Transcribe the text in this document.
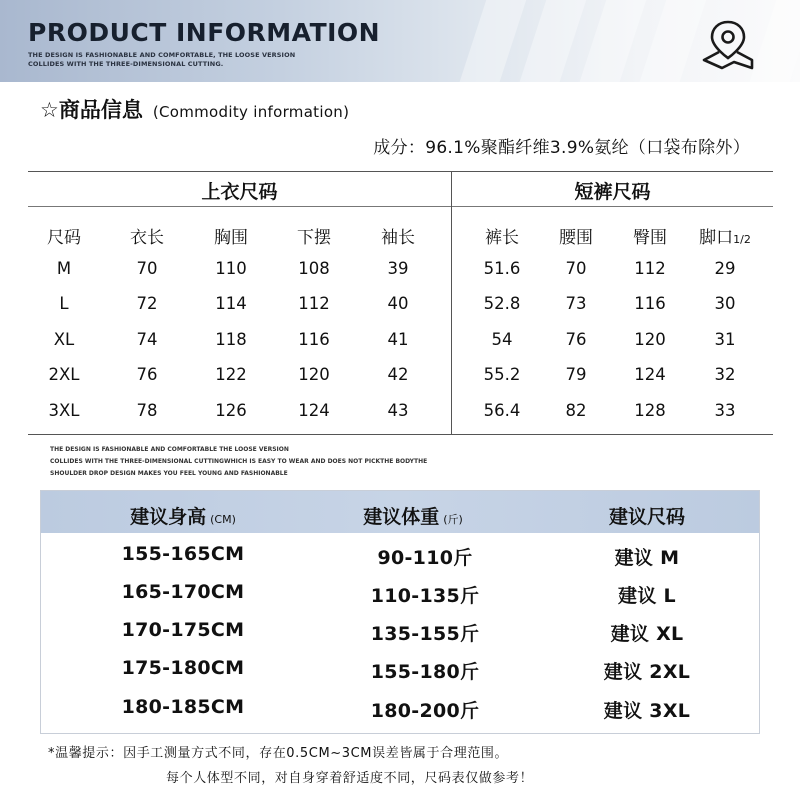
PRODUCT INFORMATION
THE DESIGN IS FASHIONABLE AND COMFORTABLE, THE LOOSE VERSION
COLLIDES WITH THE THREE-DIMENSIONAL CUTTING.
☆商品信息 (Commodity information)
成分：96.1%聚酯纤维3.9%氨纶（口袋布除外）
上衣尺码	短裤尺码
尺码	衣长	胸围	下摆	袖长	裤长	腰围	臀围	脚口1/2
M	70	110	108	39	51.6	70	112	29
L	72	114	112	40	52.8	73	116	30
XL	74	118	116	41	54	76	120	31
2XL	76	122	120	42	55.2	79	124	32
3XL	78	126	124	43	56.4	82	128	33
THE DESIGN IS FASHIONABLE AND COMFORTABLE THE LOOSE VERSION
COLLIDES WITH THE THREE-DIMENSIONAL CUTTINGWHICH IS EASY TO WEAR AND DOES NOT PICKTHE BODYTHE
SHOULDER DROP DESIGN MAKES YOU FEEL YOUNG AND FASHIONABLE
建议身高 (CM)	建议体重 (斤)	建议尺码
155-165CM	90-110斤	建议 M
165-170CM	110-135斤	建议 L
170-175CM	135-155斤	建议 XL
175-180CM	155-180斤	建议 2XL
180-185CM	180-200斤	建议 3XL
*温馨提示：因手工测量方式不同，存在0.5CM~3CM误差皆属于合理范围。
每个人体型不同，对自身穿着舒适度不同，尺码表仅做参考！
